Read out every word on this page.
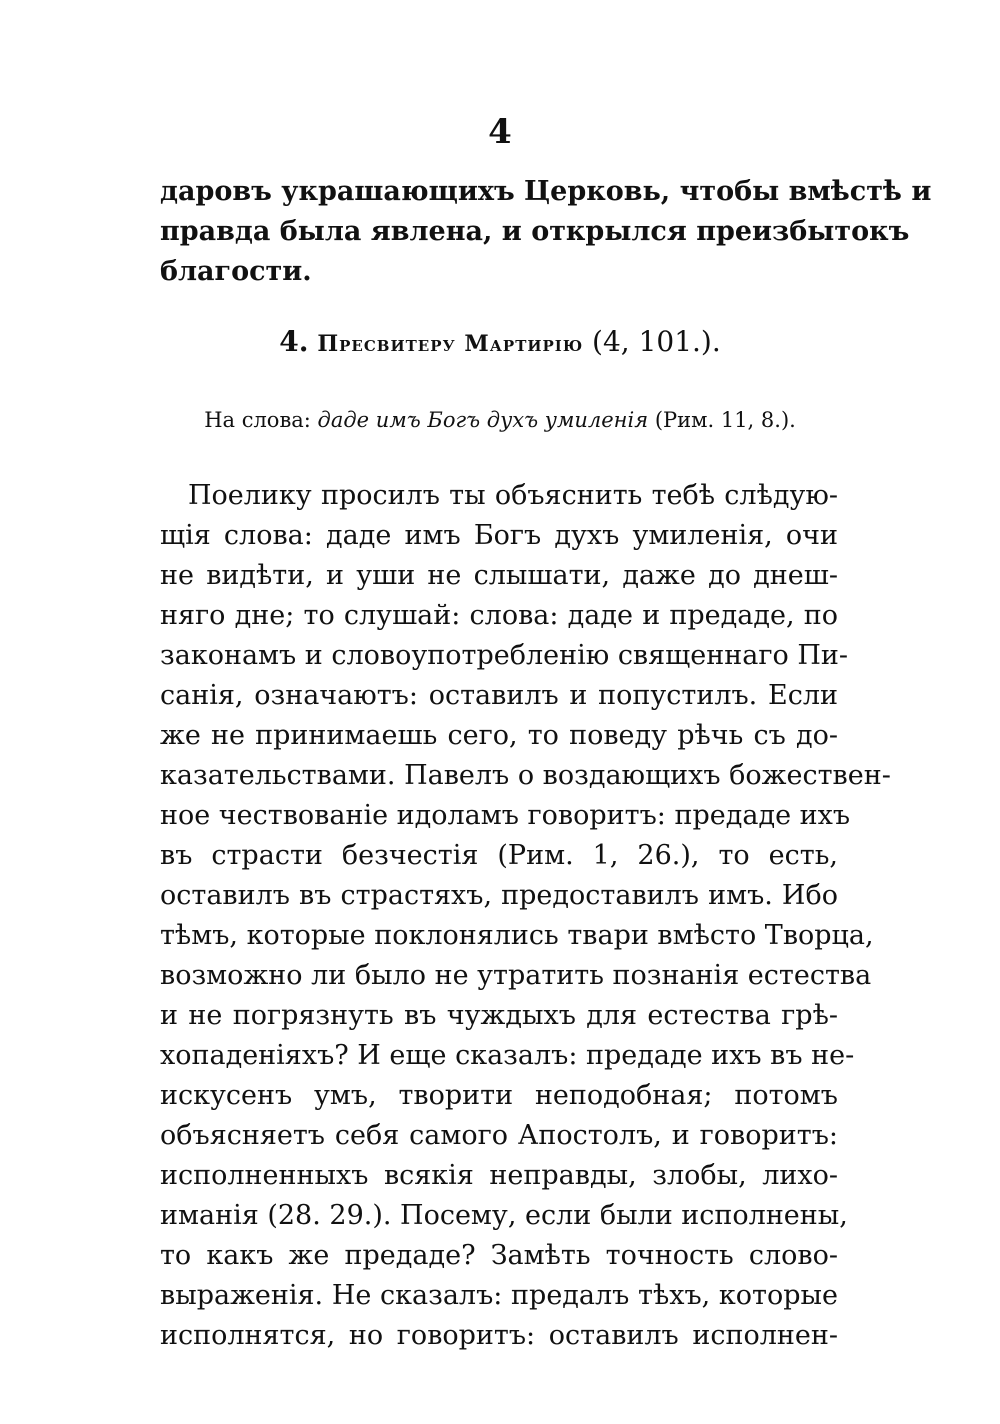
4
даровъ украшающихъ Церковь, чтобы вмѣстѣ и
правда была явлена, и открылся преизбытокъ
благости.
4. Пресвитеру Мартирію (4, 101.).
На слова: даде имъ Богъ духъ умиленія (Рим. 11, 8.).
Поелику просилъ ты объяснить тебѣ слѣдую-
щія слова: даде имъ Богъ духъ умиленія, очи
не видѣти, и уши не слышати, даже до днеш-
няго дне; то слушай: слова: даде и предаде, по
законамъ и словоупотребленію священнаго Пи-
санія, означаютъ: оставилъ и попустилъ. Если
же не принимаешь сего, то поведу рѣчь съ до-
казательствами. Павелъ о воздающихъ божествен-
ное чествованіе идоламъ говоритъ: предаде ихъ
въ страсти безчестія (Рим. 1, 26.), то есть,
оставилъ въ страстяхъ, предоставилъ имъ. Ибо
тѣмъ, которые поклонялись твари вмѣсто Творца,
возможно ли было не утратить познанія естества
и не погрязнуть въ чуждыхъ для естества грѣ-
хопаденіяхъ? И еще сказалъ: предаде ихъ въ не-
искусенъ умъ, творити неподобная; потомъ
объясняетъ себя самого Апостолъ, и говоритъ:
исполненныхъ всякія неправды, злобы, лихо-
иманія (28. 29.). Посему, если были исполнены,
то какъ же предаде? Замѣть точность слово-
выраженія. Не сказалъ: предалъ тѣхъ, которые
исполнятся, но говоритъ: оставилъ исполнен-
